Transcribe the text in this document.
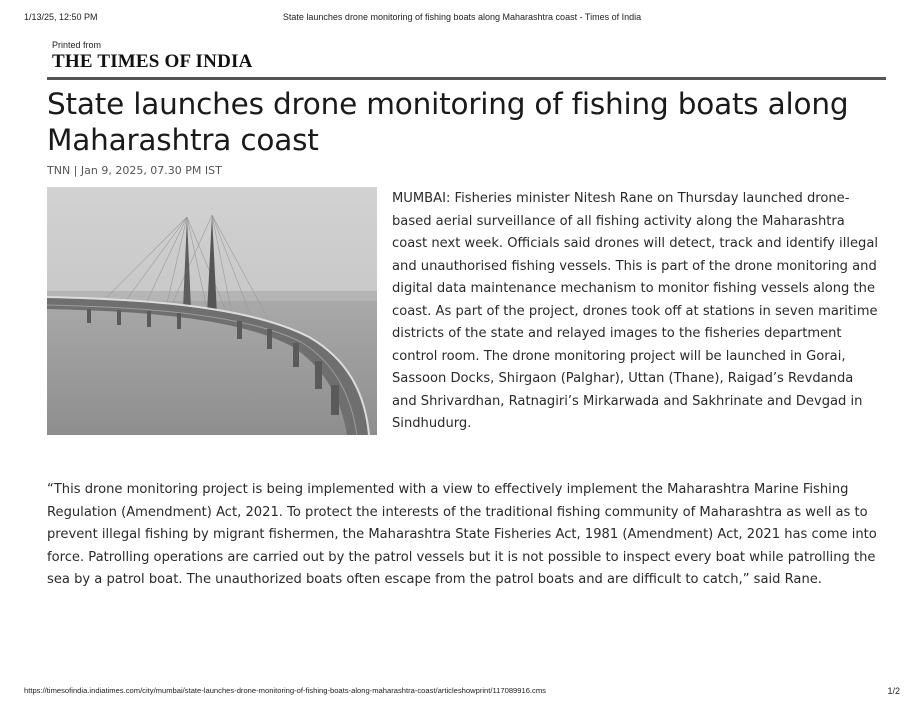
1/13/25, 12:50 PM	State launches drone monitoring of fishing boats along Maharashtra coast - Times of India
Printed from
THE TIMES OF INDIA
State launches drone monitoring of fishing boats along Maharashtra coast
TNN | Jan 9, 2025, 07.30 PM IST

MUMBAI: Fisheries minister Nitesh Rane on Thursday launched drone-based aerial surveillance of all fishing activity along the Maharashtra coast next week. Officials said drones will detect, track and identify illegal and unauthorised fishing vessels. This is part of the drone monitoring and digital data maintenance mechanism to monitor fishing vessels along the coast. As part of the project, drones took off at stations in seven maritime districts of the state and relayed images to the fisheries department control room. The drone monitoring project will be launched in Gorai, Sassoon Docks, Shirgaon (Palghar), Uttan (Thane), Raigad’s Revdanda and Shrivardhan, Ratnagiri’s Mirkarwada and Sakhrinate and Devgad in Sindhudurg.

“This drone monitoring project is being implemented with a view to effectively implement the Maharashtra Marine Fishing Regulation (Amendment) Act, 2021. To protect the interests of the traditional fishing community of Maharashtra as well as to prevent illegal fishing by migrant fishermen, the Maharashtra State Fisheries Act, 1981 (Amendment) Act, 2021 has come into force. Patrolling operations are carried out by the patrol vessels but it is not possible to inspect every boat while patrolling the sea by a patrol boat. The unauthorized boats often escape from the patrol boats and are difficult to catch,” said Rane.

https://timesofindia.indiatimes.com/city/mumbai/state-launches-drone-monitoring-of-fishing-boats-along-maharashtra-coast/articleshowprint/117089916.cms	1/2
